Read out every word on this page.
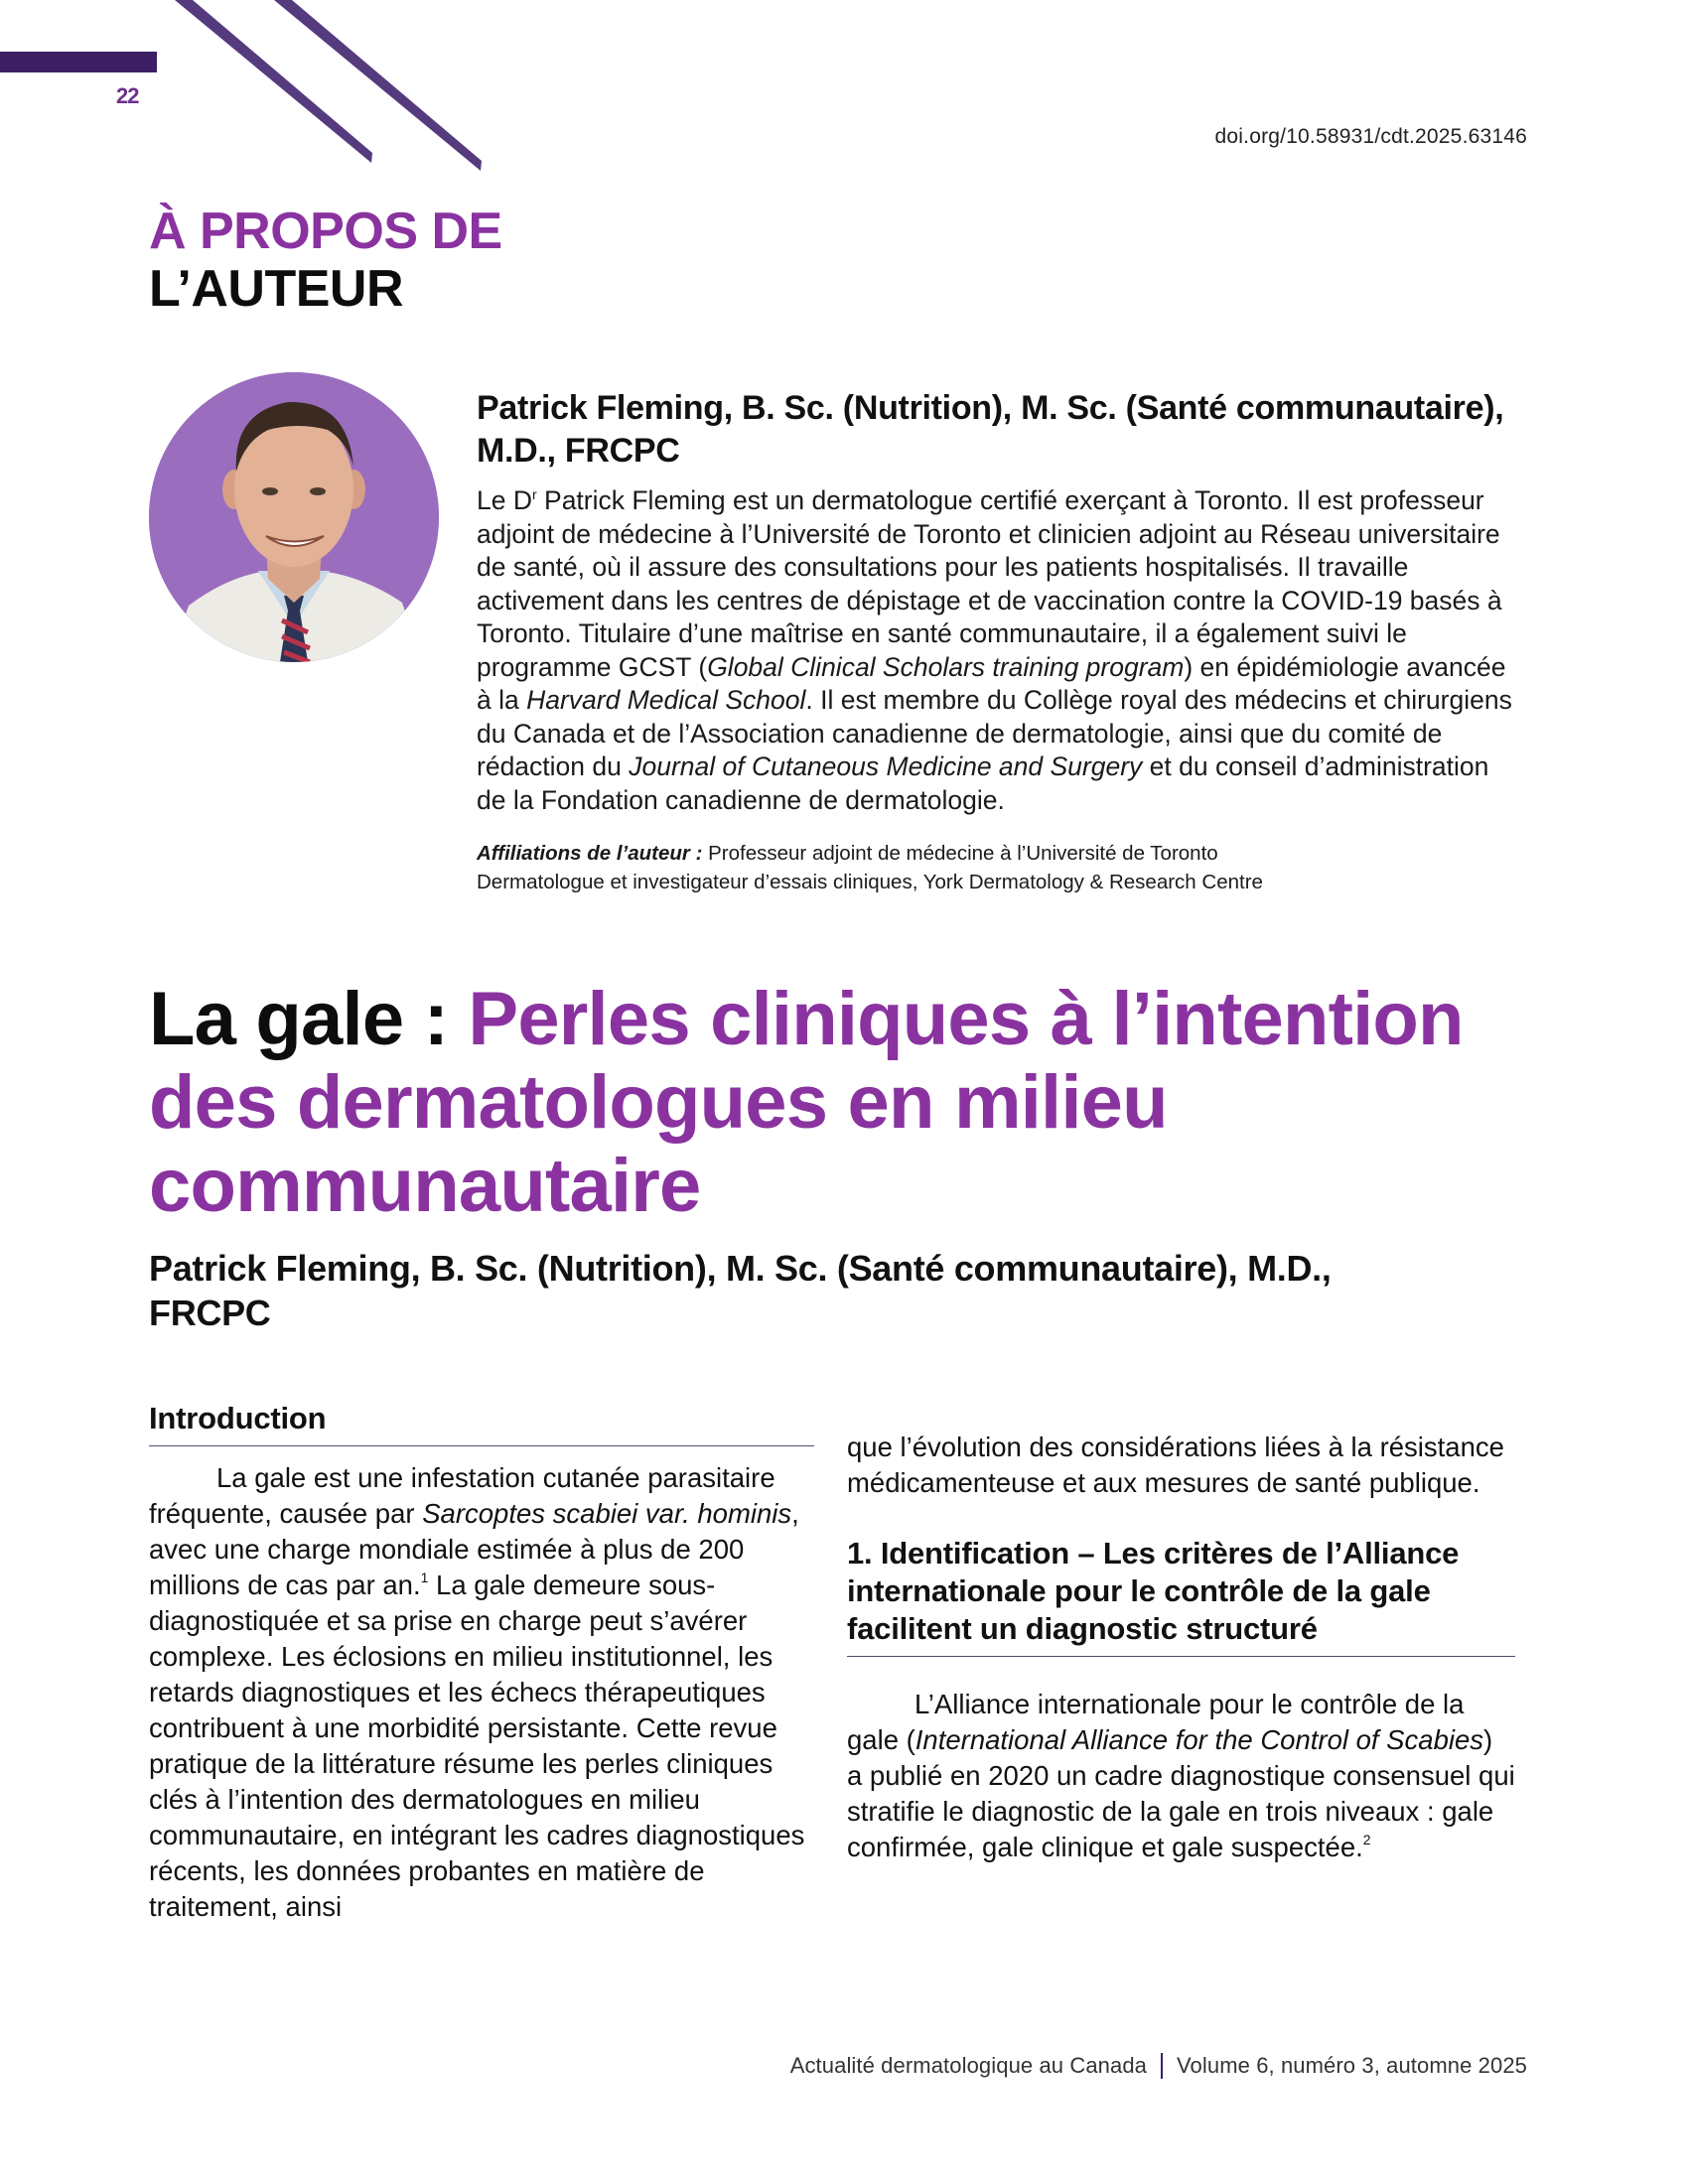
22
doi.org/10.58931/cdt.2025.63146
À PROPOS DE
L’AUTEUR
Patrick Fleming, B. Sc. (Nutrition), M. Sc. (Santé communautaire), M.D., FRCPC

Le $D^r$ Patrick Fleming est un dermatologue certifié exerçant à Toronto. Il est professeur adjoint de médecine à l’Université de Toronto et clinicien adjoint au Réseau universitaire de santé, où il assure des consultations pour les patients hospitalisés. Il travaille activement dans les centres de dépistage et de vaccination contre la COVID-19 basés à Toronto. Titulaire d’une maîtrise en santé communautaire, il a également suivi le programme GCST (Global Clinical Scholars training program) en épidémiologie avancée à la Harvard Medical School. Il est membre du Collège royal des médecins et chirurgiens du Canada et de l’Association canadienne de dermatologie, ainsi que du comité de rédaction du Journal of Cutaneous Medicine and Surgery et du conseil d’administration de la Fondation canadienne de dermatologie.

Affiliations de l’auteur : Professeur adjoint de médecine à l’Université de Toronto
Dermatologue et investigateur d’essais cliniques, York Dermatology & Research Centre
La gale : Perles cliniques à l’intention des dermatologues en milieu communautaire
Patrick Fleming, B. Sc. (Nutrition), M. Sc. (Santé communautaire), M.D., FRCPC
Introduction

La gale est une infestation cutanée parasitaire fréquente, causée par Sarcoptes scabiei var. hominis, avec une charge mondiale estimée à plus de 200 millions de cas par an.$^1$ La gale demeure sous-diagnostiquée et sa prise en charge peut s’avérer complexe. Les éclosions en milieu institutionnel, les retards diagnostiques et les échecs thérapeutiques contribuent à une morbidité persistante. Cette revue pratique de la littérature résume les perles cliniques clés à l’intention des dermatologues en milieu communautaire, en intégrant les cadres diagnostiques récents, les données probantes en matière de traitement, ainsi

que l’évolution des considérations liées à la résistance médicamenteuse et aux mesures de santé publique.

1. Identification – Les critères de l’Alliance internationale pour le contrôle de la gale facilitent un diagnostic structuré

L’Alliance internationale pour le contrôle de la gale (International Alliance for the Control of Scabies) a publié en 2020 un cadre diagnostique consensuel qui stratifie le diagnostic de la gale en trois niveaux : gale confirmée, gale clinique et gale suspectée.$^2$

Actualité dermatologique au Canada Volume 6, numéro 3, automne 2025
